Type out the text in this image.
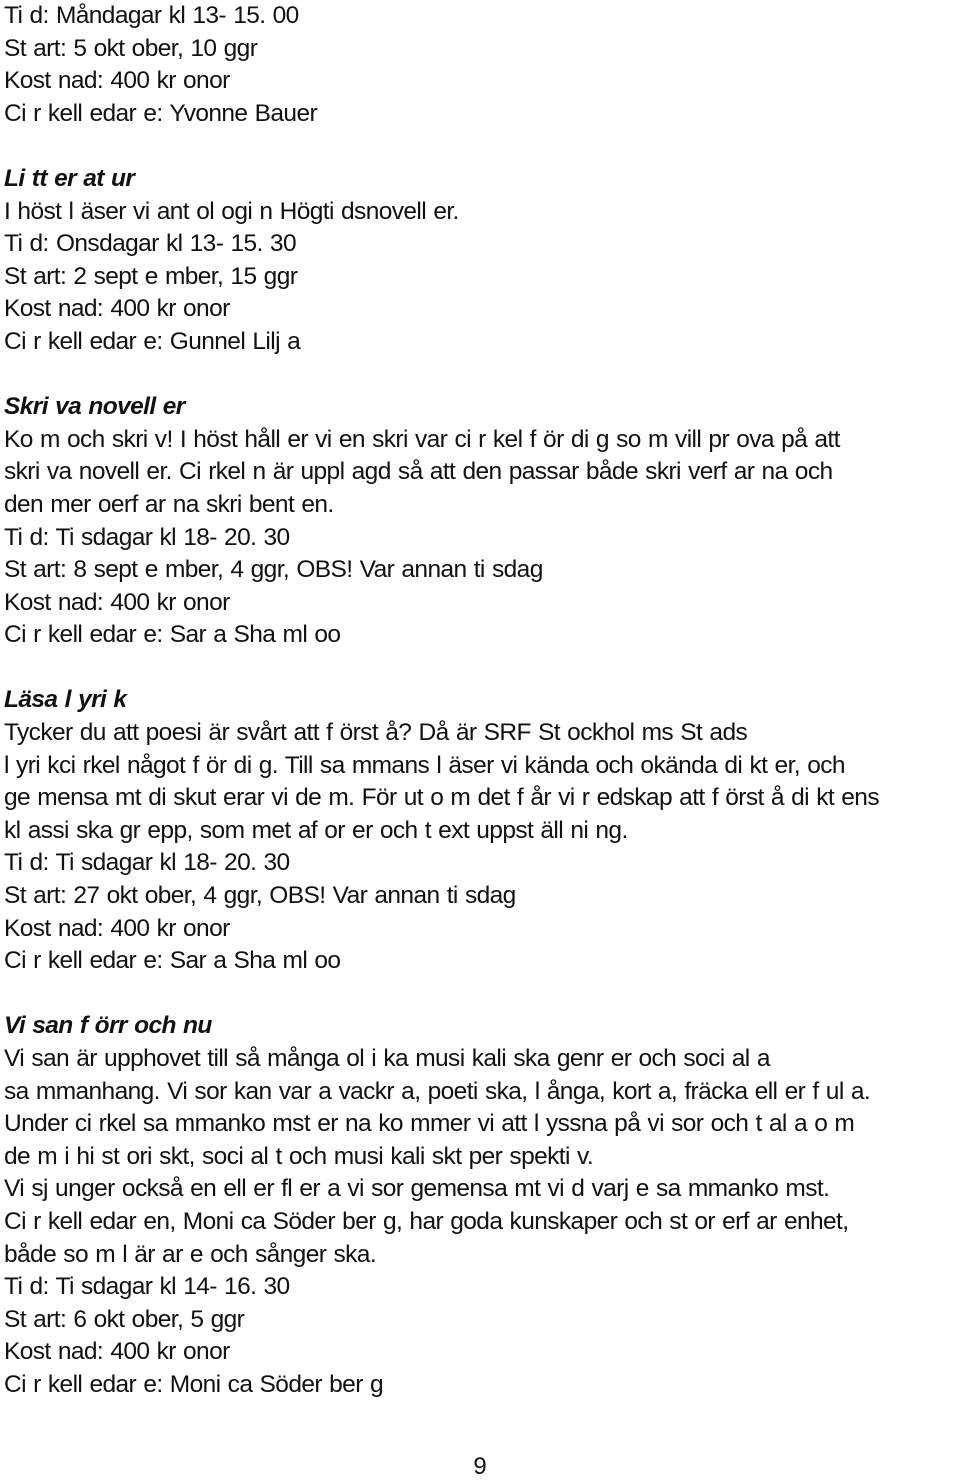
Ti d: Måndagar kl 13- 15. 00
St art: 5 okt ober, 10 ggr
Kost nad: 400 kr onor
Ci r kell edar e: Yvonne Bauer
Li tt er at ur
I höst l äser vi ant ol ogi n Högti dsnovell er.
Ti d: Onsdagar kl 13- 15. 30
St art: 2 sept e mber, 15 ggr
Kost nad: 400 kr onor
Ci r kell edar e: Gunnel Lilj a
Skri va novell er
Ko m och skri v! I höst håll er vi en skri var ci r kel f ör di g so m vill pr ova på att
skri va novell er. Ci rkel n är uppl agd så att den passar både skri verf ar na och
den mer oerf ar na skri bent en.
Ti d: Ti sdagar kl 18- 20. 30
St art: 8 sept e mber, 4 ggr, OBS! Var annan ti sdag
Kost nad: 400 kr onor
Ci r kell edar e: Sar a Sha ml oo
Läsa l yri k
Tycker du att poesi är svårt att f örst å? Då är SRF St ockhol ms St ads
l yri kci rkel något f ör di g. Till sa mmans l äser vi kända och okända di kt er, och
ge mensa mt di skut erar vi de m. För ut o m det f år vi r edskap att f örst å di kt ens
kl assi ska gr epp, som met af or er och t ext uppst äll ni ng.
Ti d: Ti sdagar kl 18- 20. 30
St art: 27 okt ober, 4 ggr, OBS! Var annan ti sdag
Kost nad: 400 kr onor
Ci r kell edar e: Sar a Sha ml oo
Vi san f örr och nu
Vi san är upphovet till så många ol i ka musi kali ska genr er och soci al a
sa mmanhang. Vi sor kan var a vackr a, poeti ska, l ånga, kort a, fräcka ell er f ul a.
Under ci rkel sa mmanko mst er na ko mmer vi att l yssna på vi sor och t al a o m
de m i hi st ori skt, soci al t och musi kali skt per spekti v.
Vi sj unger också en ell er fl er a vi sor gemensa mt vi d varj e sa mmanko mst.
Ci r kell edar en, Moni ca Söder ber g, har goda kunskaper och st or erf ar enhet,
både so m l är ar e och sånger ska.
Ti d: Ti sdagar kl 14- 16. 30
St art: 6 okt ober, 5 ggr
Kost nad: 400 kr onor
Ci r kell edar e: Moni ca Söder ber g
9
